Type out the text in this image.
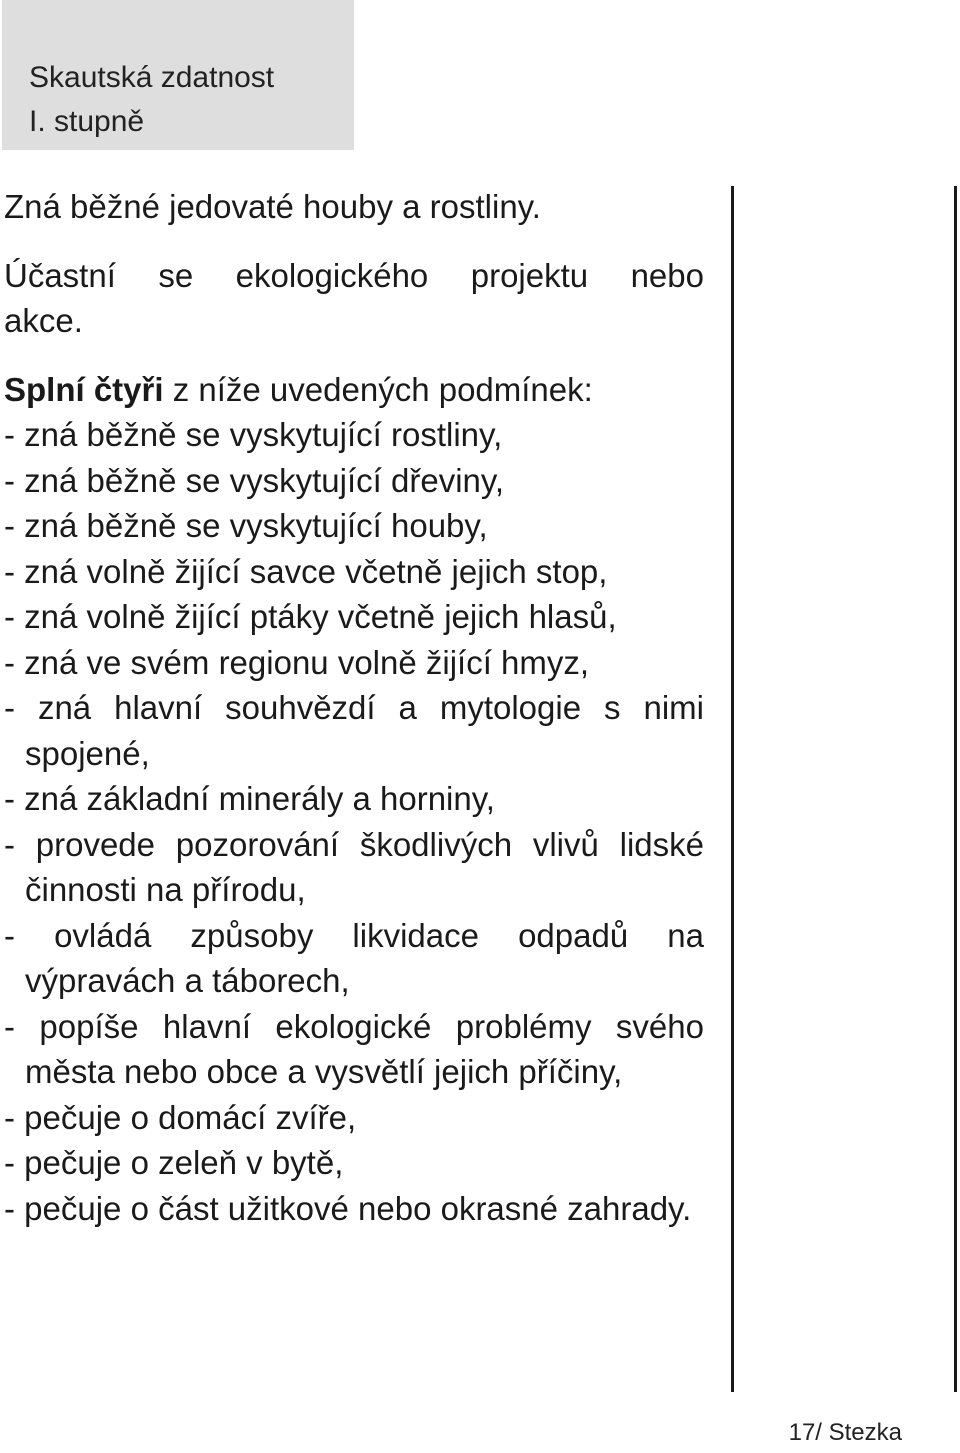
Skautská zdatnost
I. stupně

Zná běžné jedovaté houby a rostliny.

Účastní se ekologického projektu nebo
akce.

Splní čtyři z níže uvedených podmínek:

- zná běžně se vyskytující rostliny,
- zná běžně se vyskytující dřeviny,
- zná běžně se vyskytující houby,
- zná volně žijící savce včetně jejich stop,
- zná volně žijící ptáky včetně jejich hlasů,
- zná ve svém regionu volně žijící hmyz,
- zná hlavní souhvězdí a mytologie s nimi spojené,
- zná základní minerály a horniny,
- provede pozorování škodlivých vlivů lidské činnosti na přírodu,
- ovládá způsoby likvidace odpadů na výpravách a táborech,
- popíše hlavní ekologické problémy svého města nebo obce a vysvětlí jejich příčiny,
- pečuje o domácí zvíře,
- pečuje o zeleň v bytě,
- pečuje o část užitkové nebo okrasné zahrady.
17/ Stezka
